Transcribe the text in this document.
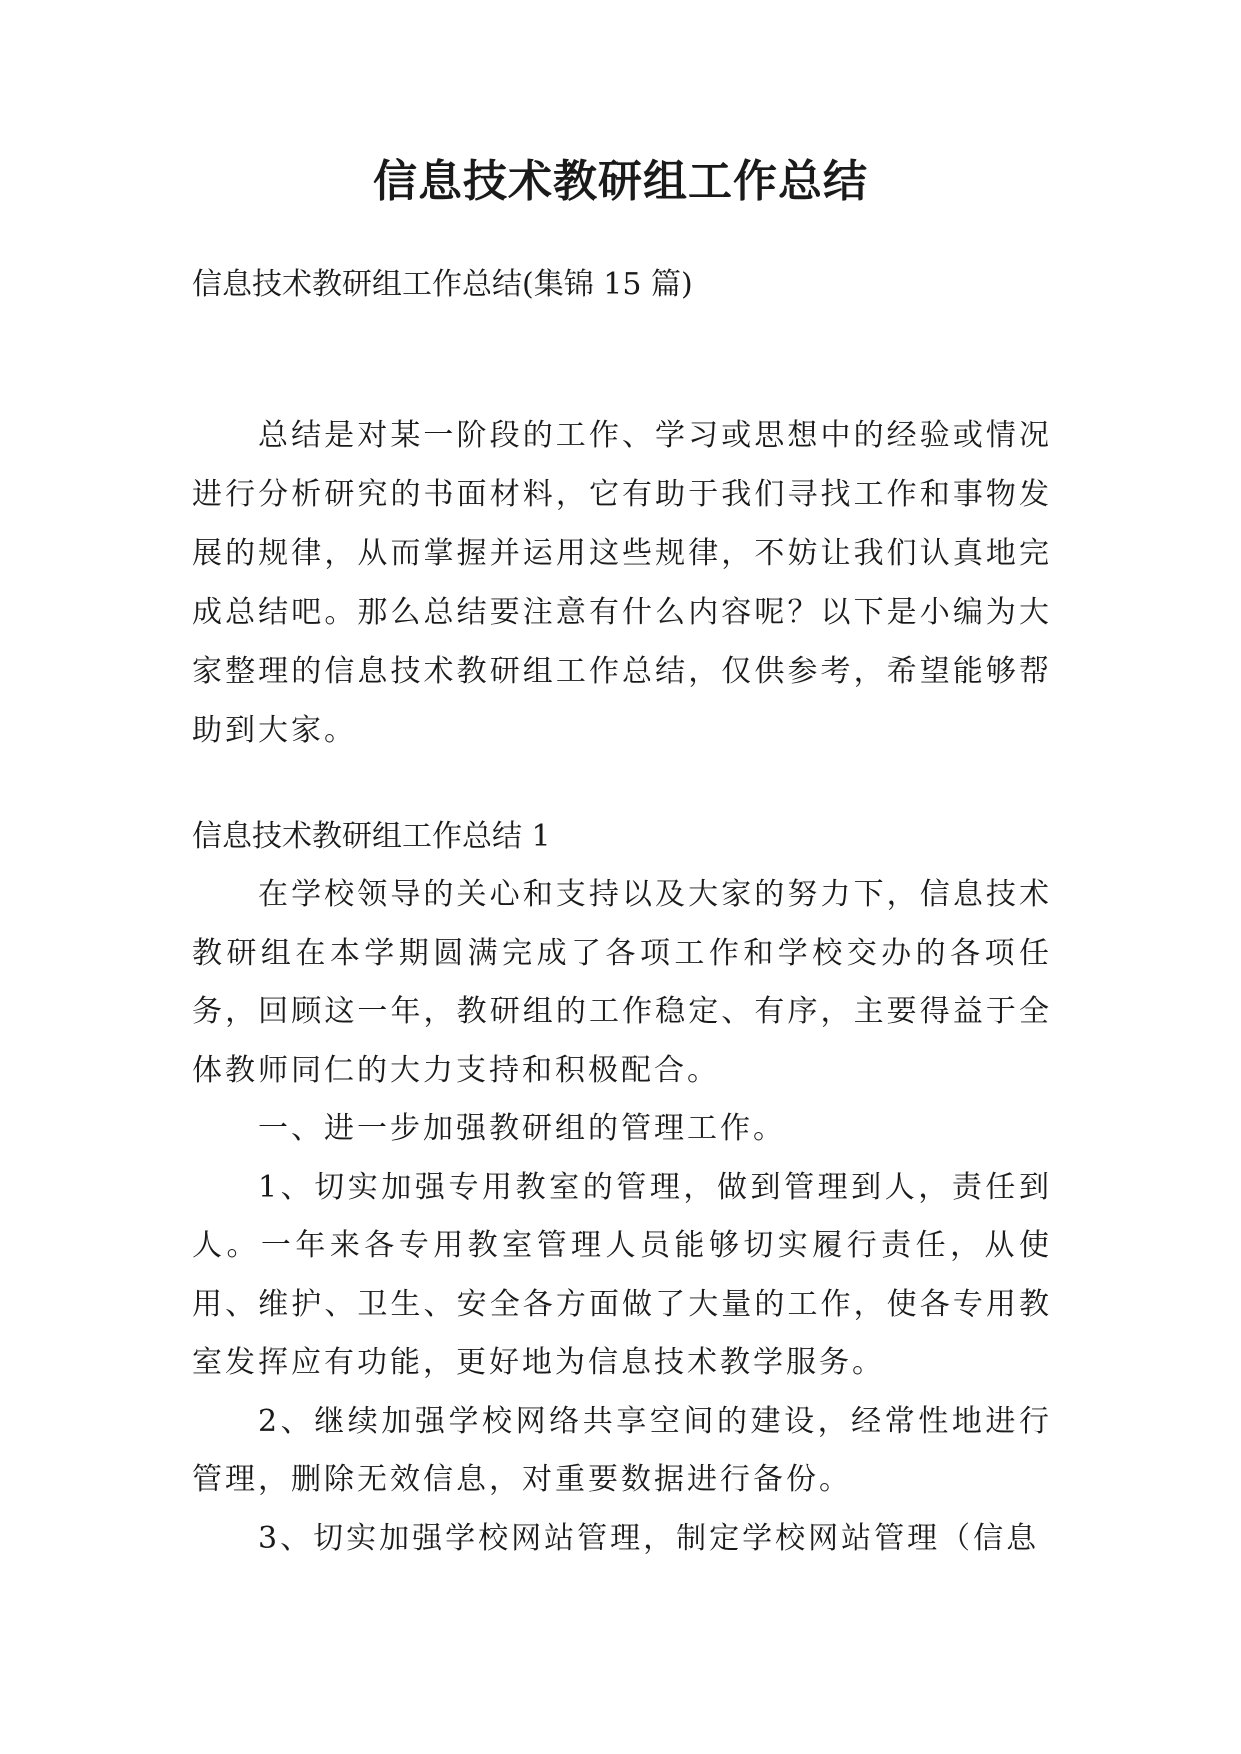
信息技术教研组工作总结
信息技术教研组工作总结(集锦 15 篇)
总结是对某一阶段的工作、学习或思想中的经验或情况进行分析研究的书面材料，它有助于我们寻找工作和事物发展的规律，从而掌握并运用这些规律，不妨让我们认真地完成总结吧。那么总结要注意有什么内容呢？以下是小编为大家整理的信息技术教研组工作总结，仅供参考，希望能够帮助到大家。
信息技术教研组工作总结 1

在学校领导的关心和支持以及大家的努力下，信息技术教研组在本学期圆满完成了各项工作和学校交办的各项任务，回顾这一年，教研组的工作稳定、有序，主要得益于全体教师同仁的大力支持和积极配合。

一、进一步加强教研组的管理工作。

1、切实加强专用教室的管理，做到管理到人，责任到人。一年来各专用教室管理人员能够切实履行责任，从使用、维护、卫生、安全各方面做了大量的工作，使各专用教室发挥应有功能，更好地为信息技术教学服务。

2、继续加强学校网络共享空间的建设，经常性地进行管理，删除无效信息，对重要数据进行备份。

3、切实加强学校网站管理，制定学校网站管理（信息
